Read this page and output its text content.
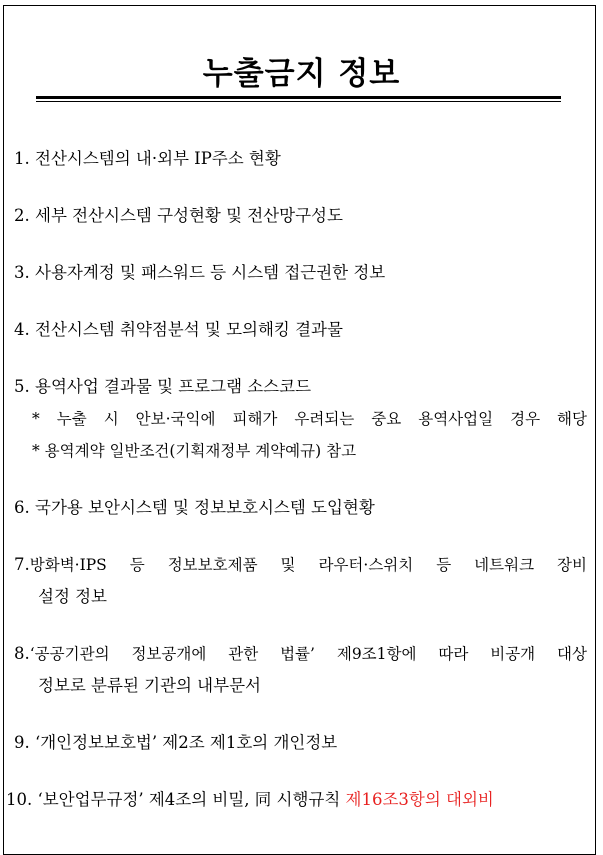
누출금지 정보
1. 전산시스템의 내·외부 IP주소 현황
2. 세부 전산시스템 구성현황 및 전산망구성도
3. 사용자계정 및 패스워드 등 시스템 접근권한 정보
4. 전산시스템 취약점분석 및 모의해킹 결과물
5. 용역사업 결과물 및 프로그램 소스코드
* 누출 시 안보·국익에 피해가 우려되는 중요 용역사업일 경우 해당
* 용역계약 일반조건(기획재정부 계약예규) 참고
6. 국가용 보안시스템 및 정보보호시스템 도입현황
7. 방화벽·IPS 등 정보보호제품 및 라우터·스위치 등 네트워크 장비
설정 정보
8. ‘공공기관의 정보공개에 관한 법률’ 제9조1항에 따라 비공개 대상
정보로 분류된 기관의 내부문서
9. ‘개인정보보호법’ 제2조 제1호의 개인정보
10. ‘보안업무규정’ 제4조의 비밀, 同 시행규칙 제16조3항의 대외비
